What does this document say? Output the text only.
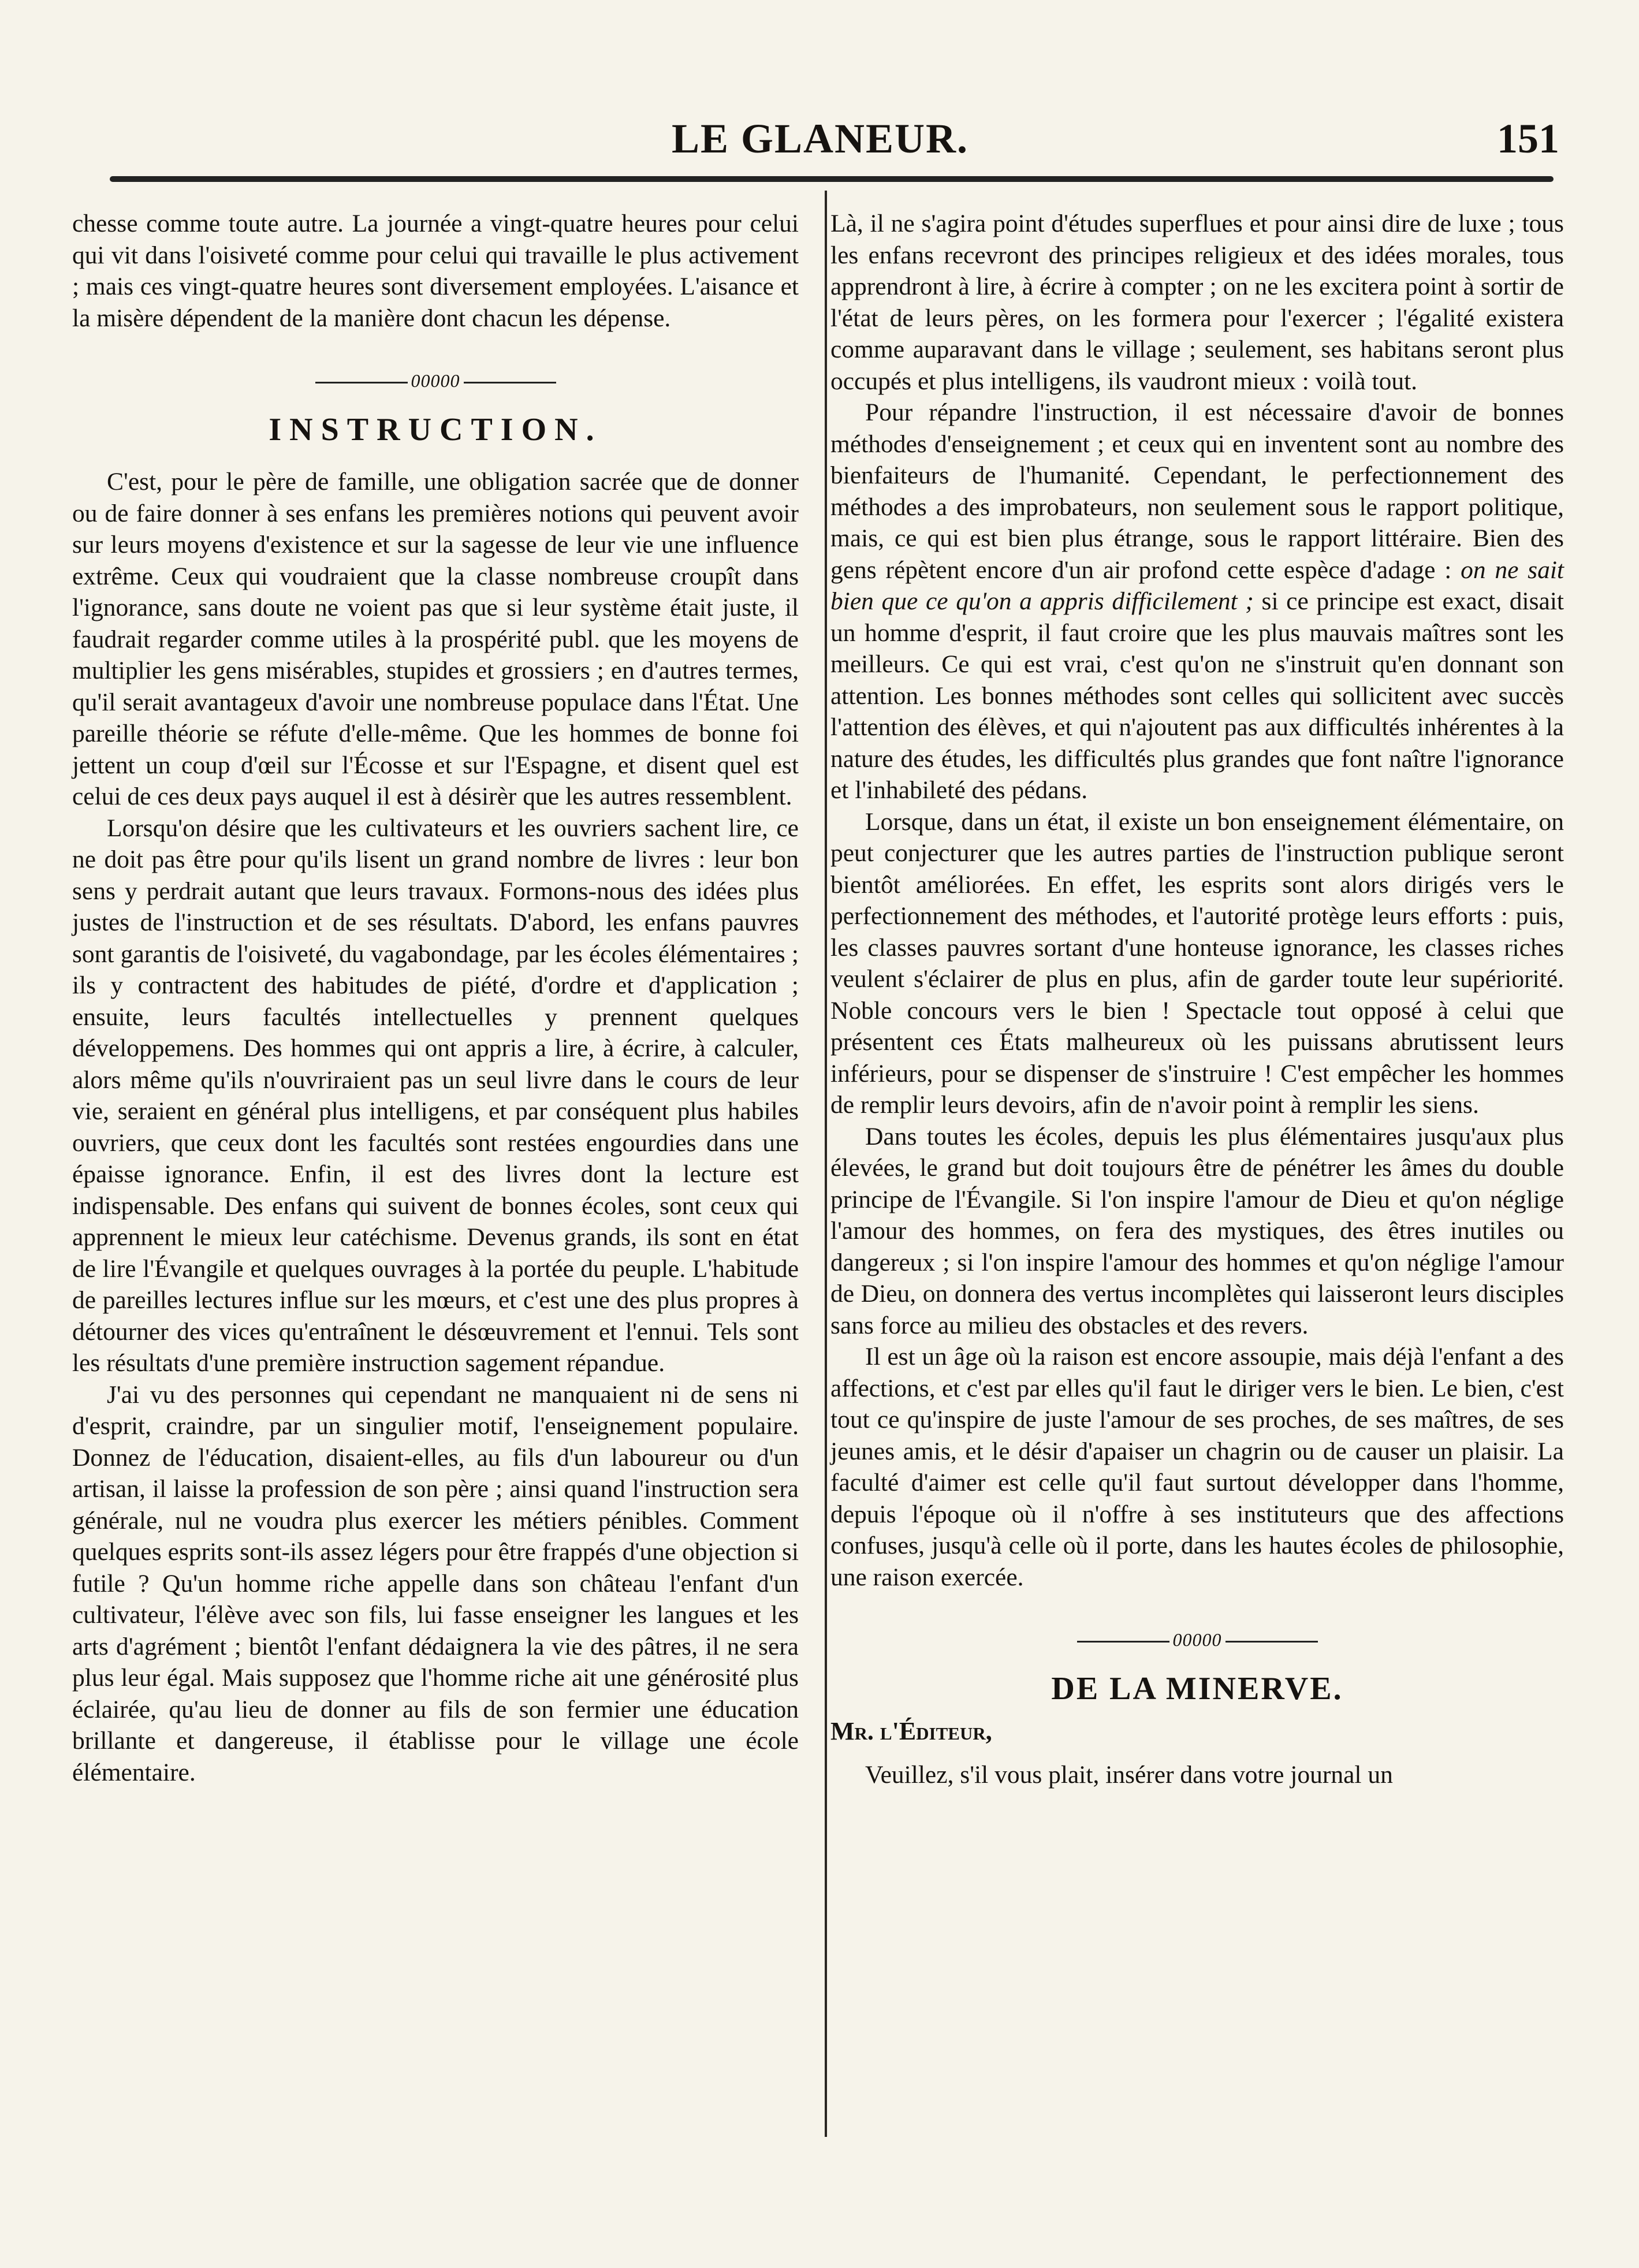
LE GLANEUR.	151

chesse comme toute autre. La journée a vingt-quatre heures pour celui qui vit dans l'oisiveté comme pour celui qui travaille le plus activement ; mais ces vingt-quatre heures sont diversement employées. L'aisance et la misère dépendent de la manière dont chacun les dépense.

00000
INSTRUCTION.

C'est, pour le père de famille, une obligation sacrée que de donner ou de faire donner à ses enfans les premières notions qui peuvent avoir sur leurs moyens d'existence et sur la sagesse de leur vie une influence extrême. Ceux qui voudraient que la classe nombreuse croupît dans l'ignorance, sans doute ne voient pas que si leur système était juste, il faudrait regarder comme utiles à la prospérité publ. que les moyens de multiplier les gens misérables, stupides et grossiers ; en d'autres termes, qu'il serait avantageux d'avoir une nombreuse populace dans l'État. Une pareille théorie se réfute d'elle-même. Que les hommes de bonne foi jettent un coup d'œil sur l'Écosse et sur l'Espagne, et disent quel est celui de ces deux pays auquel il est à désirèr que les autres ressemblent.

Lorsqu'on désire que les cultivateurs et les ouvriers sachent lire, ce ne doit pas être pour qu'ils lisent un grand nombre de livres : leur bon sens y perdrait autant que leurs travaux. Formons-nous des idées plus justes de l'instruction et de ses résultats. D'abord, les enfans pauvres sont garantis de l'oisiveté, du vagabondage, par les écoles élémentaires ; ils y contractent des habitudes de piété, d'ordre et d'application ; ensuite, leurs facultés intellectuelles y prennent quelques développemens. Des hommes qui ont appris a lire, à écrire, à calculer, alors même qu'ils n'ouvriraient pas un seul livre dans le cours de leur vie, seraient en général plus intelligens, et par conséquent plus habiles ouvriers, que ceux dont les facultés sont restées engourdies dans une épaisse ignorance. Enfin, il est des livres dont la lecture est indispensable. Des enfans qui suivent de bonnes écoles, sont ceux qui apprennent le mieux leur catéchisme. Devenus grands, ils sont en état de lire l'Évangile et quelques ouvrages à la portée du peuple. L'habitude de pareilles lectures influe sur les mœurs, et c'est une des plus propres à détourner des vices qu'entraînent le désœuvrement et l'ennui. Tels sont les résultats d'une première instruction sagement répandue.

J'ai vu des personnes qui cependant ne manquaient ni de sens ni d'esprit, craindre, par un singulier motif, l'enseignement populaire. Donnez de l'éducation, disaient-elles, au fils d'un laboureur ou d'un artisan, il laisse la profession de son père ; ainsi quand l'instruction sera générale, nul ne voudra plus exercer les métiers pénibles. Comment quelques esprits sont-ils assez légers pour être frappés d'une objection si futile ? Qu'un homme riche appelle dans son château l'enfant d'un cultivateur, l'élève avec son fils, lui fasse enseigner les langues et les arts d'agrément ; bientôt l'enfant dédaignera la vie des pâtres, il ne sera plus leur égal. Mais supposez que l'homme riche ait une générosité plus éclairée, qu'au lieu de donner au fils de son fermier une éducation brillante et dangereuse, il établisse pour le village une école élémentaire.

Là, il ne s'agira point d'études superflues et pour ainsi dire de luxe ; tous les enfans recevront des principes religieux et des idées morales, tous apprendront à lire, à écrire à compter ; on ne les excitera point à sortir de l'état de leurs pères, on les formera pour l'exercer ; l'égalité existera comme auparavant dans le village ; seulement, ses habitans seront plus occupés et plus intelligens, ils vaudront mieux : voilà tout.

Pour répandre l'instruction, il est nécessaire d'avoir de bonnes méthodes d'enseignement ; et ceux qui en inventent sont au nombre des bienfaiteurs de l'humanité. Cependant, le perfectionnement des méthodes a des improbateurs, non seulement sous le rapport politique, mais, ce qui est bien plus étrange, sous le rapport littéraire. Bien des gens répètent encore d'un air profond cette espèce d'adage : on ne sait bien que ce qu'on a appris difficilement ; si ce principe est exact, disait un homme d'esprit, il faut croire que les plus mauvais maîtres sont les meilleurs. Ce qui est vrai, c'est qu'on ne s'instruit qu'en donnant son attention. Les bonnes méthodes sont celles qui sollicitent avec succès l'attention des élèves, et qui n'ajoutent pas aux difficultés inhérentes à la nature des études, les difficultés plus grandes que font naître l'ignorance et l'inhabileté des pédans.

Lorsque, dans un état, il existe un bon enseignement élémentaire, on peut conjecturer que les autres parties de l'instruction publique seront bientôt améliorées. En effet, les esprits sont alors dirigés vers le perfectionnement des méthodes, et l'autorité protège leurs efforts : puis, les classes pauvres sortant d'une honteuse ignorance, les classes riches veulent s'éclairer de plus en plus, afin de garder toute leur supériorité. Noble concours vers le bien ! Spectacle tout opposé à celui que présentent ces États malheureux où les puissans abrutissent leurs inférieurs, pour se dispenser de s'instruire ! C'est empêcher les hommes de remplir leurs devoirs, afin de n'avoir point à remplir les siens.

Dans toutes les écoles, depuis les plus élémentaires jusqu'aux plus élevées, le grand but doit toujours être de pénétrer les âmes du double principe de l'Évangile. Si l'on inspire l'amour de Dieu et qu'on néglige l'amour des hommes, on fera des mystiques, des êtres inutiles ou dangereux ; si l'on inspire l'amour des hommes et qu'on néglige l'amour de Dieu, on donnera des vertus incomplètes qui laisseront leurs disciples sans force au milieu des obstacles et des revers.

Il est un âge où la raison est encore assoupie, mais déjà l'enfant a des affections, et c'est par elles qu'il faut le diriger vers le bien. Le bien, c'est tout ce qu'inspire de juste l'amour de ses proches, de ses maîtres, de ses jeunes amis, et le désir d'apaiser un chagrin ou de causer un plaisir. La faculté d'aimer est celle qu'il faut surtout développer dans l'homme, depuis l'époque où il n'offre à ses instituteurs que des affections confuses, jusqu'à celle où il porte, dans les hautes écoles de philosophie, une raison exercée.

00000
DE LA MINERVE.
Mr. l'Éditeur,

Veuillez, s'il vous plait, insérer dans votre journal un
